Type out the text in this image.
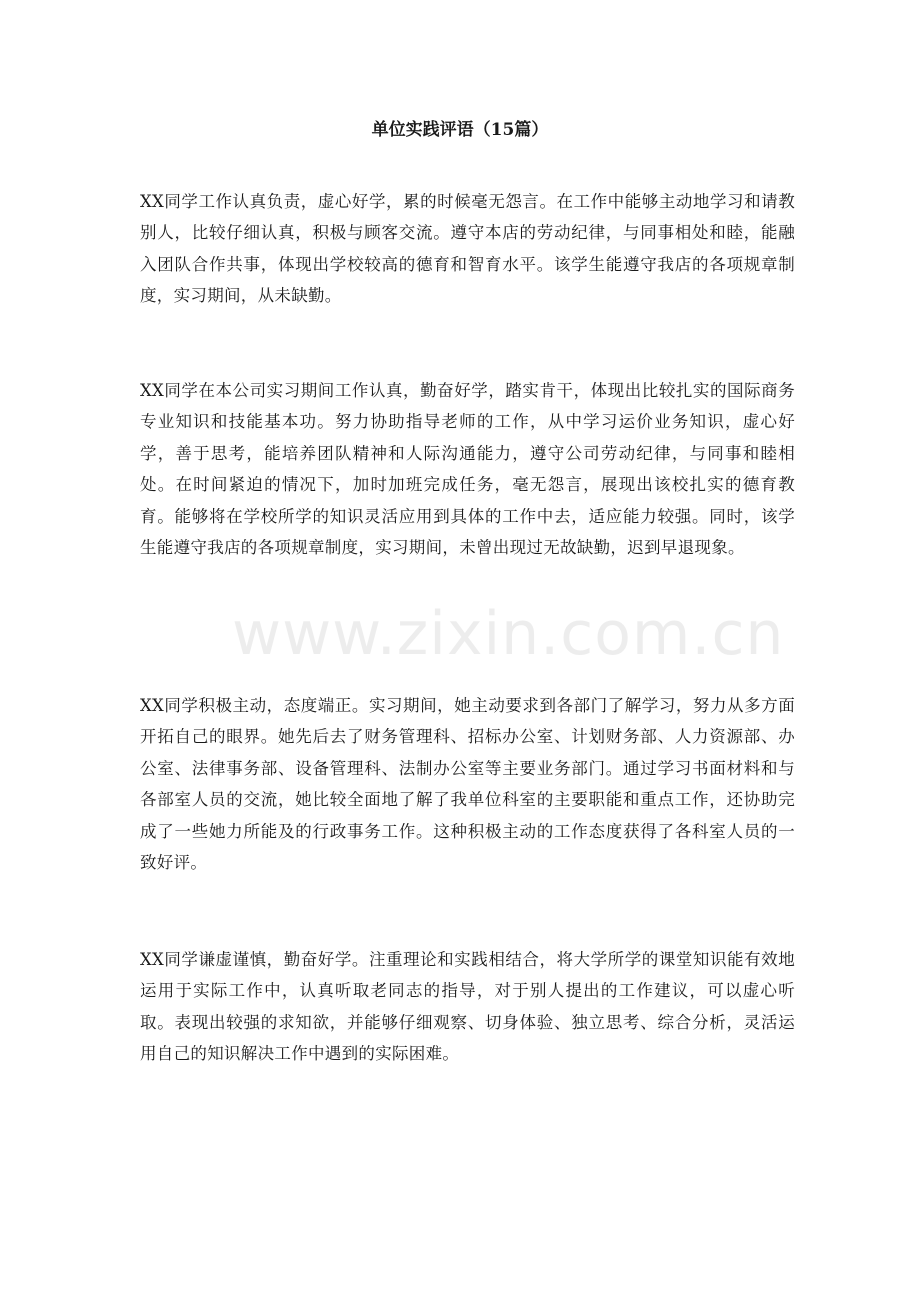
单位实践评语（15篇）

XX同学工作认真负责，虚心好学，累的时候毫无怨言。在工作中能够主动地学习和请教别人，比较仔细认真，积极与顾客交流。遵守本店的劳动纪律，与同事相处和睦，能融入团队合作共事，体现出学校较高的德育和智育水平。该学生能遵守我店的各项规章制度，实习期间，从未缺勤。

XX同学在本公司实习期间工作认真，勤奋好学，踏实肯干，体现出比较扎实的国际商务专业知识和技能基本功。努力协助指导老师的工作，从中学习运价业务知识，虚心好学，善于思考，能培养团队精神和人际沟通能力，遵守公司劳动纪律，与同事和睦相处。在时间紧迫的情况下，加时加班完成任务，毫无怨言，展现出该校扎实的德育教育。能够将在学校所学的知识灵活应用到具体的工作中去，适应能力较强。同时，该学生能遵守我店的各项规章制度，实习期间，未曾出现过无故缺勤，迟到早退现象。

XX同学积极主动，态度端正。实习期间，她主动要求到各部门了解学习，努力从多方面开拓自己的眼界。她先后去了财务管理科、招标办公室、计划财务部、人力资源部、办公室、法律事务部、设备管理科、法制办公室等主要业务部门。通过学习书面材料和与各部室人员的交流，她比较全面地了解了我单位科室的主要职能和重点工作，还协助完成了一些她力所能及的行政事务工作。这种积极主动的工作态度获得了各科室人员的一致好评。

XX同学谦虚谨慎，勤奋好学。注重理论和实践相结合，将大学所学的课堂知识能有效地运用于实际工作中，认真听取老同志的指导，对于别人提出的工作建议，可以虚心听取。表现出较强的求知欲，并能够仔细观察、切身体验、独立思考、综合分析，灵活运用自己的知识解决工作中遇到的实际困难。

www.zixin.com.cn
